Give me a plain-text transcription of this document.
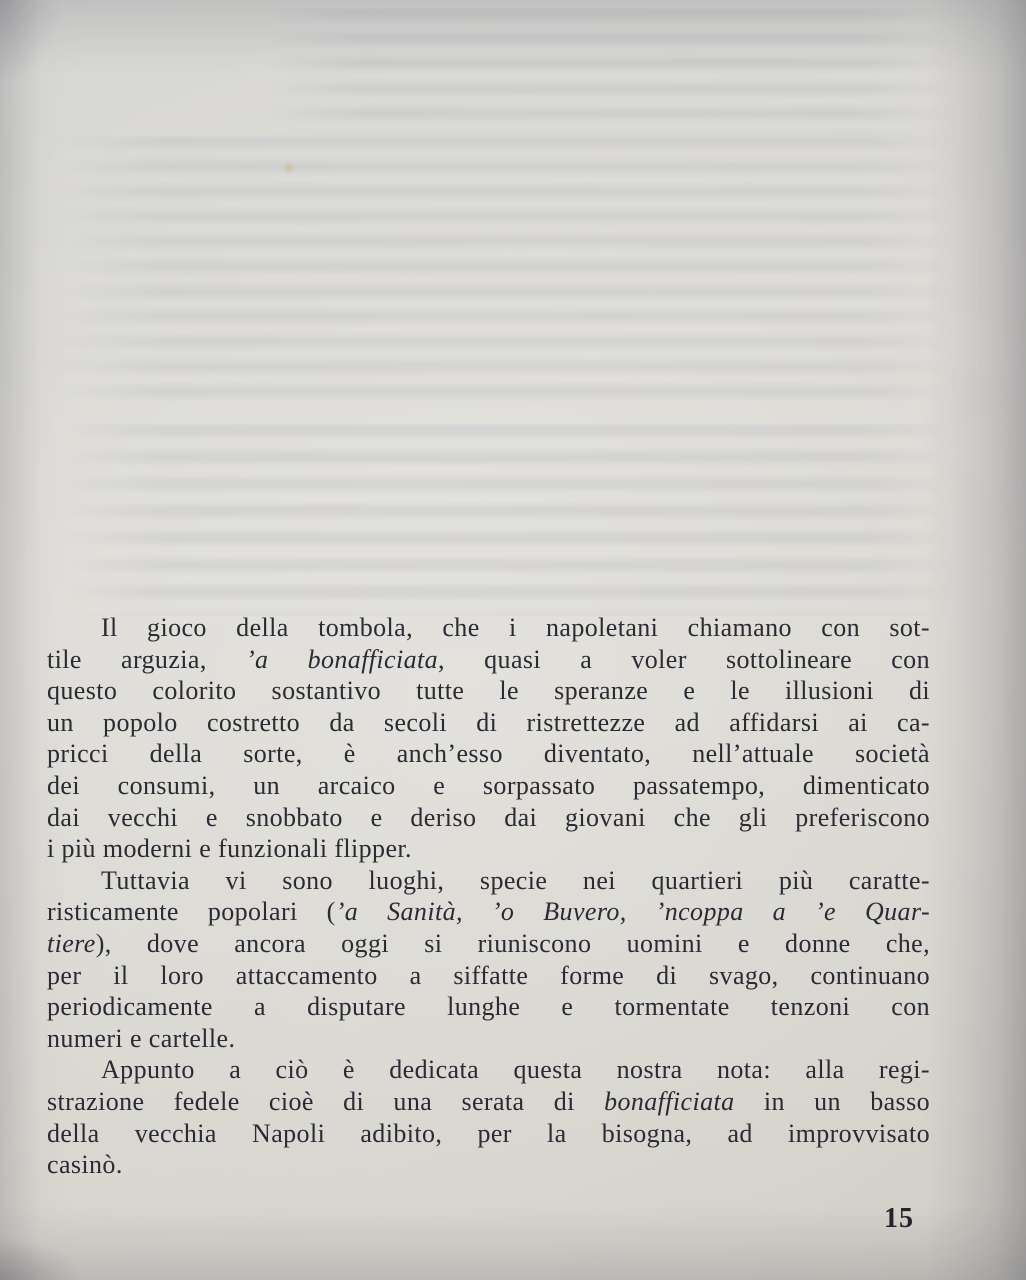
Il gioco della tombola, che i napoletani chiamano con sot-
tile arguzia, ’a bonafficiata, quasi a voler sottolineare con
questo colorito sostantivo tutte le speranze e le illusioni di
un popolo costretto da secoli di ristrettezze ad affidarsi ai ca-
pricci della sorte, è anch’esso diventato, nell’attuale società
dei consumi, un arcaico e sorpassato passatempo, dimenticato
dai vecchi e snobbato e deriso dai giovani che gli preferiscono
i più moderni e funzionali flipper.
Tuttavia vi sono luoghi, specie nei quartieri più caratte-
risticamente popolari (’a Sanità, ’o Buvero, ’ncoppa a ’e Quar-
tiere), dove ancora oggi si riuniscono uomini e donne che,
per il loro attaccamento a siffatte forme di svago, continuano
periodicamente a disputare lunghe e tormentate tenzoni con
numeri e cartelle.
Appunto a ciò è dedicata questa nostra nota: alla regi-
strazione fedele cioè di una serata di bonafficiata in un basso
della vecchia Napoli adibito, per la bisogna, ad improvvisato
casinò.
15
